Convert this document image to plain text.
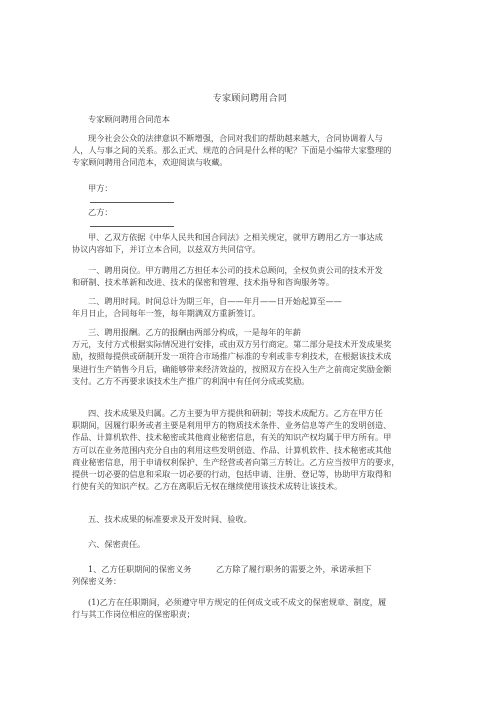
专家顾问聘用合同
专家顾问聘用合同范本
现今社会公众的法律意识不断增强，合同对我们的帮助越来越大，合同协调着人与
人，人与事之间的关系。那么正式、规范的合同是什么样的呢？下面是小编带大家整理的
专家顾问聘用合同范本，欢迎阅读与收藏。
甲方：
乙方：
甲、乙双方依据《中华人民共和国合同法》之相关规定，就甲方聘用乙方一事达成
协议内容如下，并订立本合同，以兹双方共同信守。
一、聘用岗位。甲方聘用乙方担任本公司的技术总顾问，全权负责公司的技术开发
和研制、技术革新和改进、技术的保密和管理、技术指导和咨询服务等。
二、聘用时间。时间总计为期三年，自——年月——日开始起算至——
年月日止，合同每年一签，每年期满双方重新签订。
三、聘用报酬。乙方的报酬由两部分构成，一是每年的年薪
万元，支付方式根据实际情况进行安排，或由双方另行商定。第二部分是技术开发成果奖
励，按照每提供或研制开发一项符合市场推广标准的专利或非专利技术，在根据该技术成
果进行生产销售今月后，确能够带来经济效益的，按照双方在投入生产之前商定奖励金额
支付。乙方不再要求该技术生产推广的利润中有任何分成或奖励。
四、技术成果及归属。乙方主要为甲方提供和研制；等技术成配方。乙方在甲方任
职期间，因履行职务或者主要是利用甲方的物质技术条件、业务信息等产生的发明创造、
作品、计算机软件、技术秘密或其他商业秘密信息，有关的知识产权均属于甲方所有。甲
方可以在业务范围内充分自由的利用这些发明创造、作品、计算机软件、技术秘密或其他
商业秘密信息，用于申请权利保护、生产经营或者向第三方转让。乙方应当按甲方的要求，
提供一切必要的信息和采取一切必要的行动，包括申请、注册、登记等，协助甲方取得和
行使有关的知识产权。乙方在离职后无权在继续使用该技术成转让该技术。
五、技术成果的标准要求及开发时间、验收。
六、保密责任。
1、乙方任职期间的保密义务　　　乙方除了履行职务的需要之外，承诺承担下
列保密义务：
(1)乙方在任职期间，必须遵守甲方规定的任何成文或不成文的保密规章、制度，履
行与其工作岗位相应的保密职责；
